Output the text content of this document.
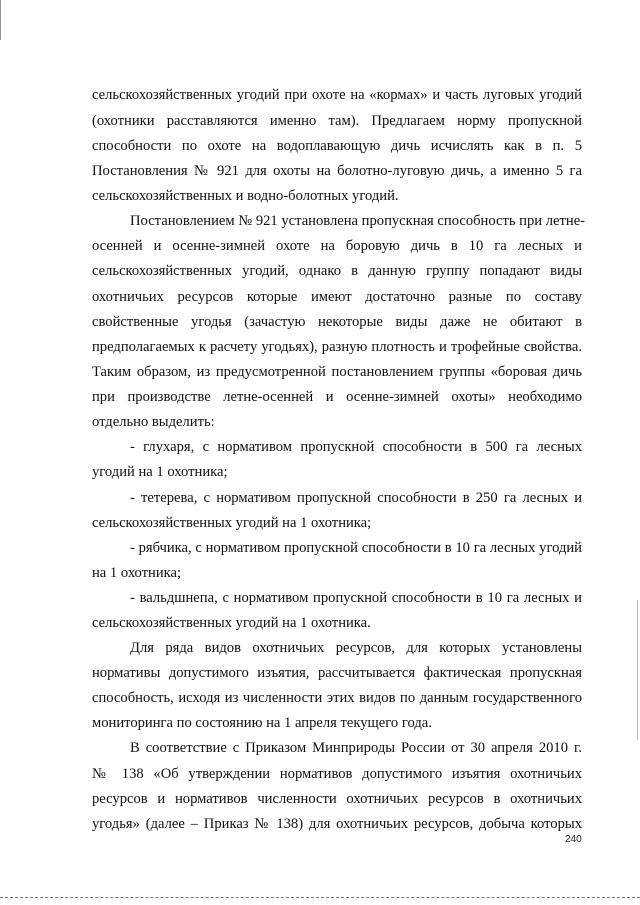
сельскохозяйственных угодий при охоте на «кормах» и часть луговых угодий
(охотники расставляются именно там). Предлагаем норму пропускной
способности по охоте на водоплавающую дичь исчислять как в п. 5
Постановления № 921 для охоты на болотно-луговую дичь, а именно 5 га
сельскохозяйственных и водно-болотных угодий.
Постановлением № 921 установлена пропускная способность при летне-
осенней и осенне-зимней охоте на боровую дичь в 10 га лесных и
сельскохозяйственных угодий, однако в данную группу попадают виды
охотничьих ресурсов которые имеют достаточно разные по составу
свойственные угодья (зачастую некоторые виды даже не обитают в
предполагаемых к расчету угодьях), разную плотность и трофейные свойства.
Таким образом, из предусмотренной постановлением группы «боровая дичь
при производстве летне-осенней и осенне-зимней охоты» необходимо
отдельно выделить:
- глухаря, с нормативом пропускной способности в 500 га лесных
угодий на 1 охотника;
- тетерева, с нормативом пропускной способности в 250 га лесных и
сельскохозяйственных угодий на 1 охотника;
- рябчика, с нормативом пропускной способности в 10 га лесных угодий
на 1 охотника;
- вальдшнепа, с нормативом пропускной способности в 10 га лесных и
сельскохозяйственных угодий на 1 охотника.
Для ряда видов охотничьих ресурсов, для которых установлены
нормативы допустимого изъятия, рассчитывается фактическая пропускная
способность, исходя из численности этих видов по данным государственного
мониторинга по состоянию на 1 апреля текущего года.
В соответствие с Приказом Минприроды России от 30 апреля 2010 г.
№ 138 «Об утверждении нормативов допустимого изъятия охотничьих
ресурсов и нормативов численности охотничьих ресурсов в охотничьих
угодья» (далее – Приказ № 138) для охотничьих ресурсов, добыча которых
240
